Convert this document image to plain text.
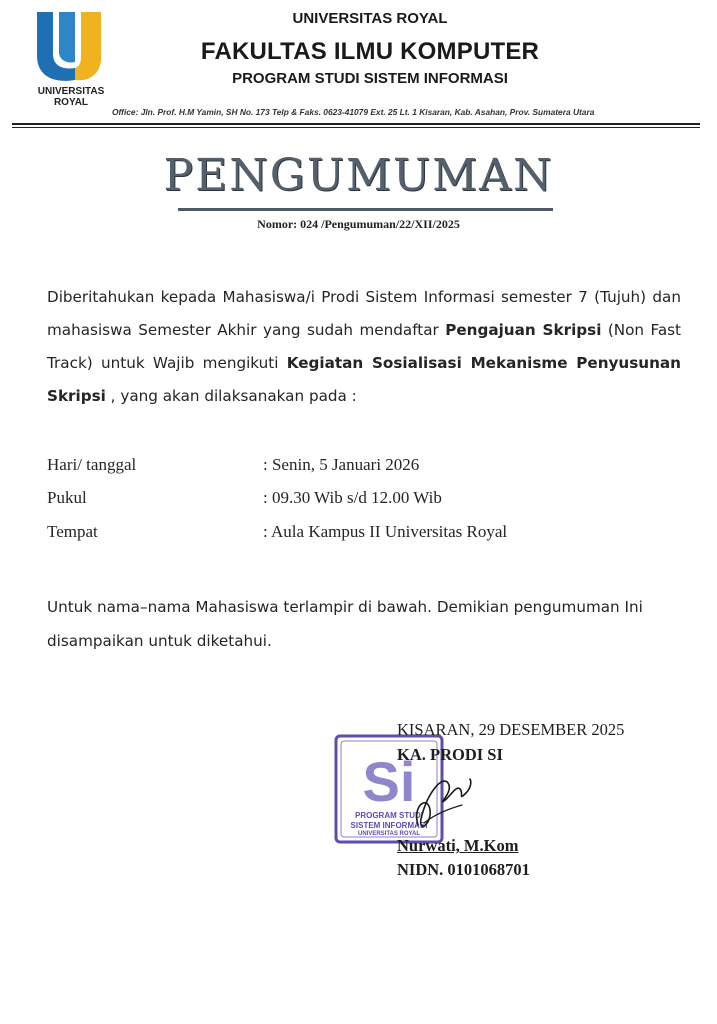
UNIVERSITAS
ROYAL
UNIVERSITAS ROYAL
FAKULTAS ILMU KOMPUTER
PROGRAM STUDI SISTEM INFORMASI
Office: Jln. Prof. H.M Yamin, SH No. 173 Telp & Faks. 0623-41079 Ext. 25 Lt. 1 Kisaran, Kab. Asahan, Prov. Sumatera Utara
PENGUMUMAN
Nomor: 024 /Pengumuman/22/XII/2025
Diberitahukan kepada Mahasiswa/i Prodi Sistem Informasi semester 7 (Tujuh) dan mahasiswa Semester Akhir yang sudah mendaftar Pengajuan Skripsi (Non Fast Track) untuk Wajib mengikuti Kegiatan Sosialisasi Mekanisme Penyusunan Skripsi , yang akan dilaksanakan pada :
Hari/ tanggal	: Senin, 5 Januari 2026
Pukul	: 09.30 Wib s/d 12.00 Wib
Tempat	: Aula Kampus II Universitas Royal
Untuk nama–nama Mahasiswa terlampir di bawah. Demikian pengumuman Ini disampaikan untuk diketahui.
Si
PROGRAM STUDI
SISTEM INFORMASI
UNIVERSITAS ROYAL
KISARAN, 29 DESEMBER 2025
KA. PRODI SI
Nurwati, M.Kom
NIDN. 0101068701
